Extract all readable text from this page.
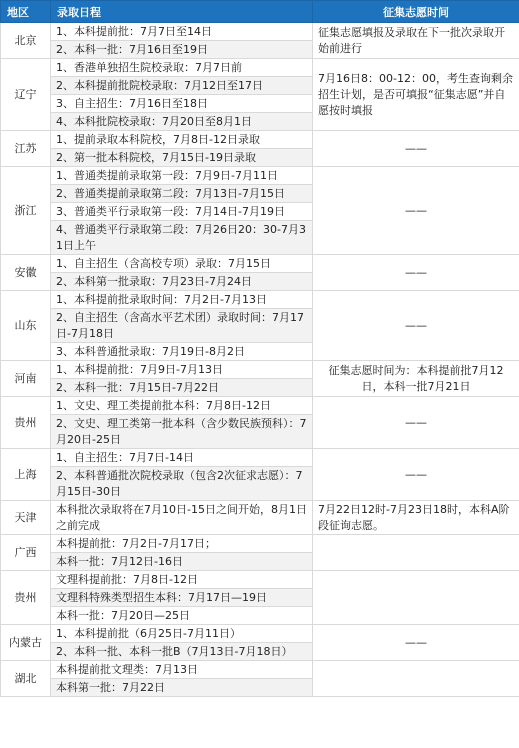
地区	录取日程	征集志愿时间
北京	1、本科提前批：7月7日至14日	征集志愿填报及录取在下一批次录取开始前进行
	2、本科一批：7月16日至19日	
辽宁	1、香港单独招生院校录取：7月7日前	7月16日8：00-12：00，考生查询剩余招生计划，是否可填报“征集志愿”并自愿按时填报
	2、本科提前批院校录取：7月12日至17日	
	3、自主招生：7月16日至18日	
	4、本科批院校录取：7月20日至8月1日	
江苏	1、提前录取本科院校，7月8日-12日录取	——
	2、第一批本科院校，7月15日-19日录取	
浙江	1、普通类提前录取第一段：7月9日-7月11日	——
	2、普通类提前录取第二段：7月13日-7月15日	
	3、普通类平行录取第一段：7月14日-7月19日	
	4、普通类平行录取第二段：7月26日20：30-7月31日上午	
安徽	1、自主招生（含高校专项）录取：7月15日	——
	2、本科第一批录取：7月23日-7月24日	
山东	1、本科提前批录取时间：7月2日-7月13日	——
	2、自主招生（含高水平艺术团）录取时间：7月17日-7月18日	
	3、本科普通批录取：7月19日-8月2日	
河南	1、本科提前批：7月9日-7月13日	征集志愿时间为：本科提前批7月12日，本科一批7月21日
	2、本科一批：7月15日-7月22日	
贵州	1、文史、理工类提前批本科：7月8日-12日	——
	2、文史、理工类第一批本科（含少数民族预科）：7月20日-25日	
上海	1、自主招生：7月7日-14日	——
	2、本科普通批次院校录取（包含2次征求志愿）：7月15日-30日	
天津	本科批次录取将在7月10日-15日之间开始，8月1日之前完成	7月22日12时-7月23日18时，本科A阶段征询志愿。
广西	本科提前批：7月2日-7月17日；	
	本科一批：7月12日-16日	
贵州	文理科提前批：7月8日-12日	
	文理科特殊类型招生本科：7月17日—19日	
	本科一批：7月20日—25日	
内蒙古	1、本科提前批（6月25日-7月11日）	——
	2、本科一批、本科一批B（7月13日-7月18日）	
湖北	本科提前批文理类：7月13日	
	本科第一批：7月22日	
